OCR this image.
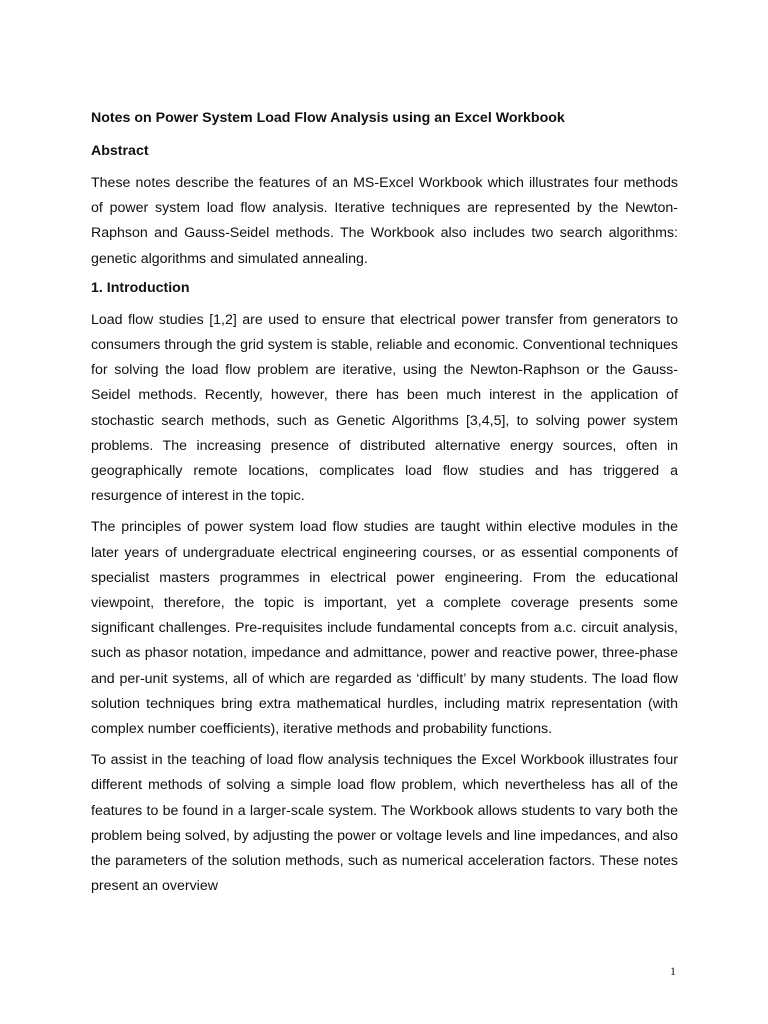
Notes on Power System Load Flow Analysis using an Excel Workbook
Abstract

These notes describe the features of an MS-Excel Workbook which illustrates four methods of power system load flow analysis. Iterative techniques are represented by the Newton-Raphson and Gauss-Seidel methods. The Workbook also includes two search algorithms: genetic algorithms and simulated annealing.

1. Introduction

Load flow studies [1,2] are used to ensure that electrical power transfer from generators to consumers through the grid system is stable, reliable and economic. Conventional techniques for solving the load flow problem are iterative, using the Newton-Raphson or the Gauss-Seidel methods. Recently, however, there has been much interest in the application of stochastic search methods, such as Genetic Algorithms [3,4,5], to solving power system problems. The increasing presence of distributed alternative energy sources, often in geographically remote locations, complicates load flow studies and has triggered a resurgence of interest in the topic.

The principles of power system load flow studies are taught within elective modules in the later years of undergraduate electrical engineering courses, or as essential components of specialist masters programmes in electrical power engineering. From the educational viewpoint, therefore, the topic is important, yet a complete coverage presents some significant challenges. Pre-requisites include fundamental concepts from a.c. circuit analysis, such as phasor notation, impedance and admittance, power and reactive power, three-phase and per-unit systems, all of which are regarded as ‘difficult’ by many students. The load flow solution techniques bring extra mathematical hurdles, including matrix representation (with complex number coefficients), iterative methods and probability functions.

To assist in the teaching of load flow analysis techniques the Excel Workbook illustrates four different methods of solving a simple load flow problem, which nevertheless has all of the features to be found in a larger-scale system. The Workbook allows students to vary both the problem being solved, by adjusting the power or voltage levels and line impedances, and also the parameters of the solution methods, such as numerical acceleration factors. These notes present an overview

1
